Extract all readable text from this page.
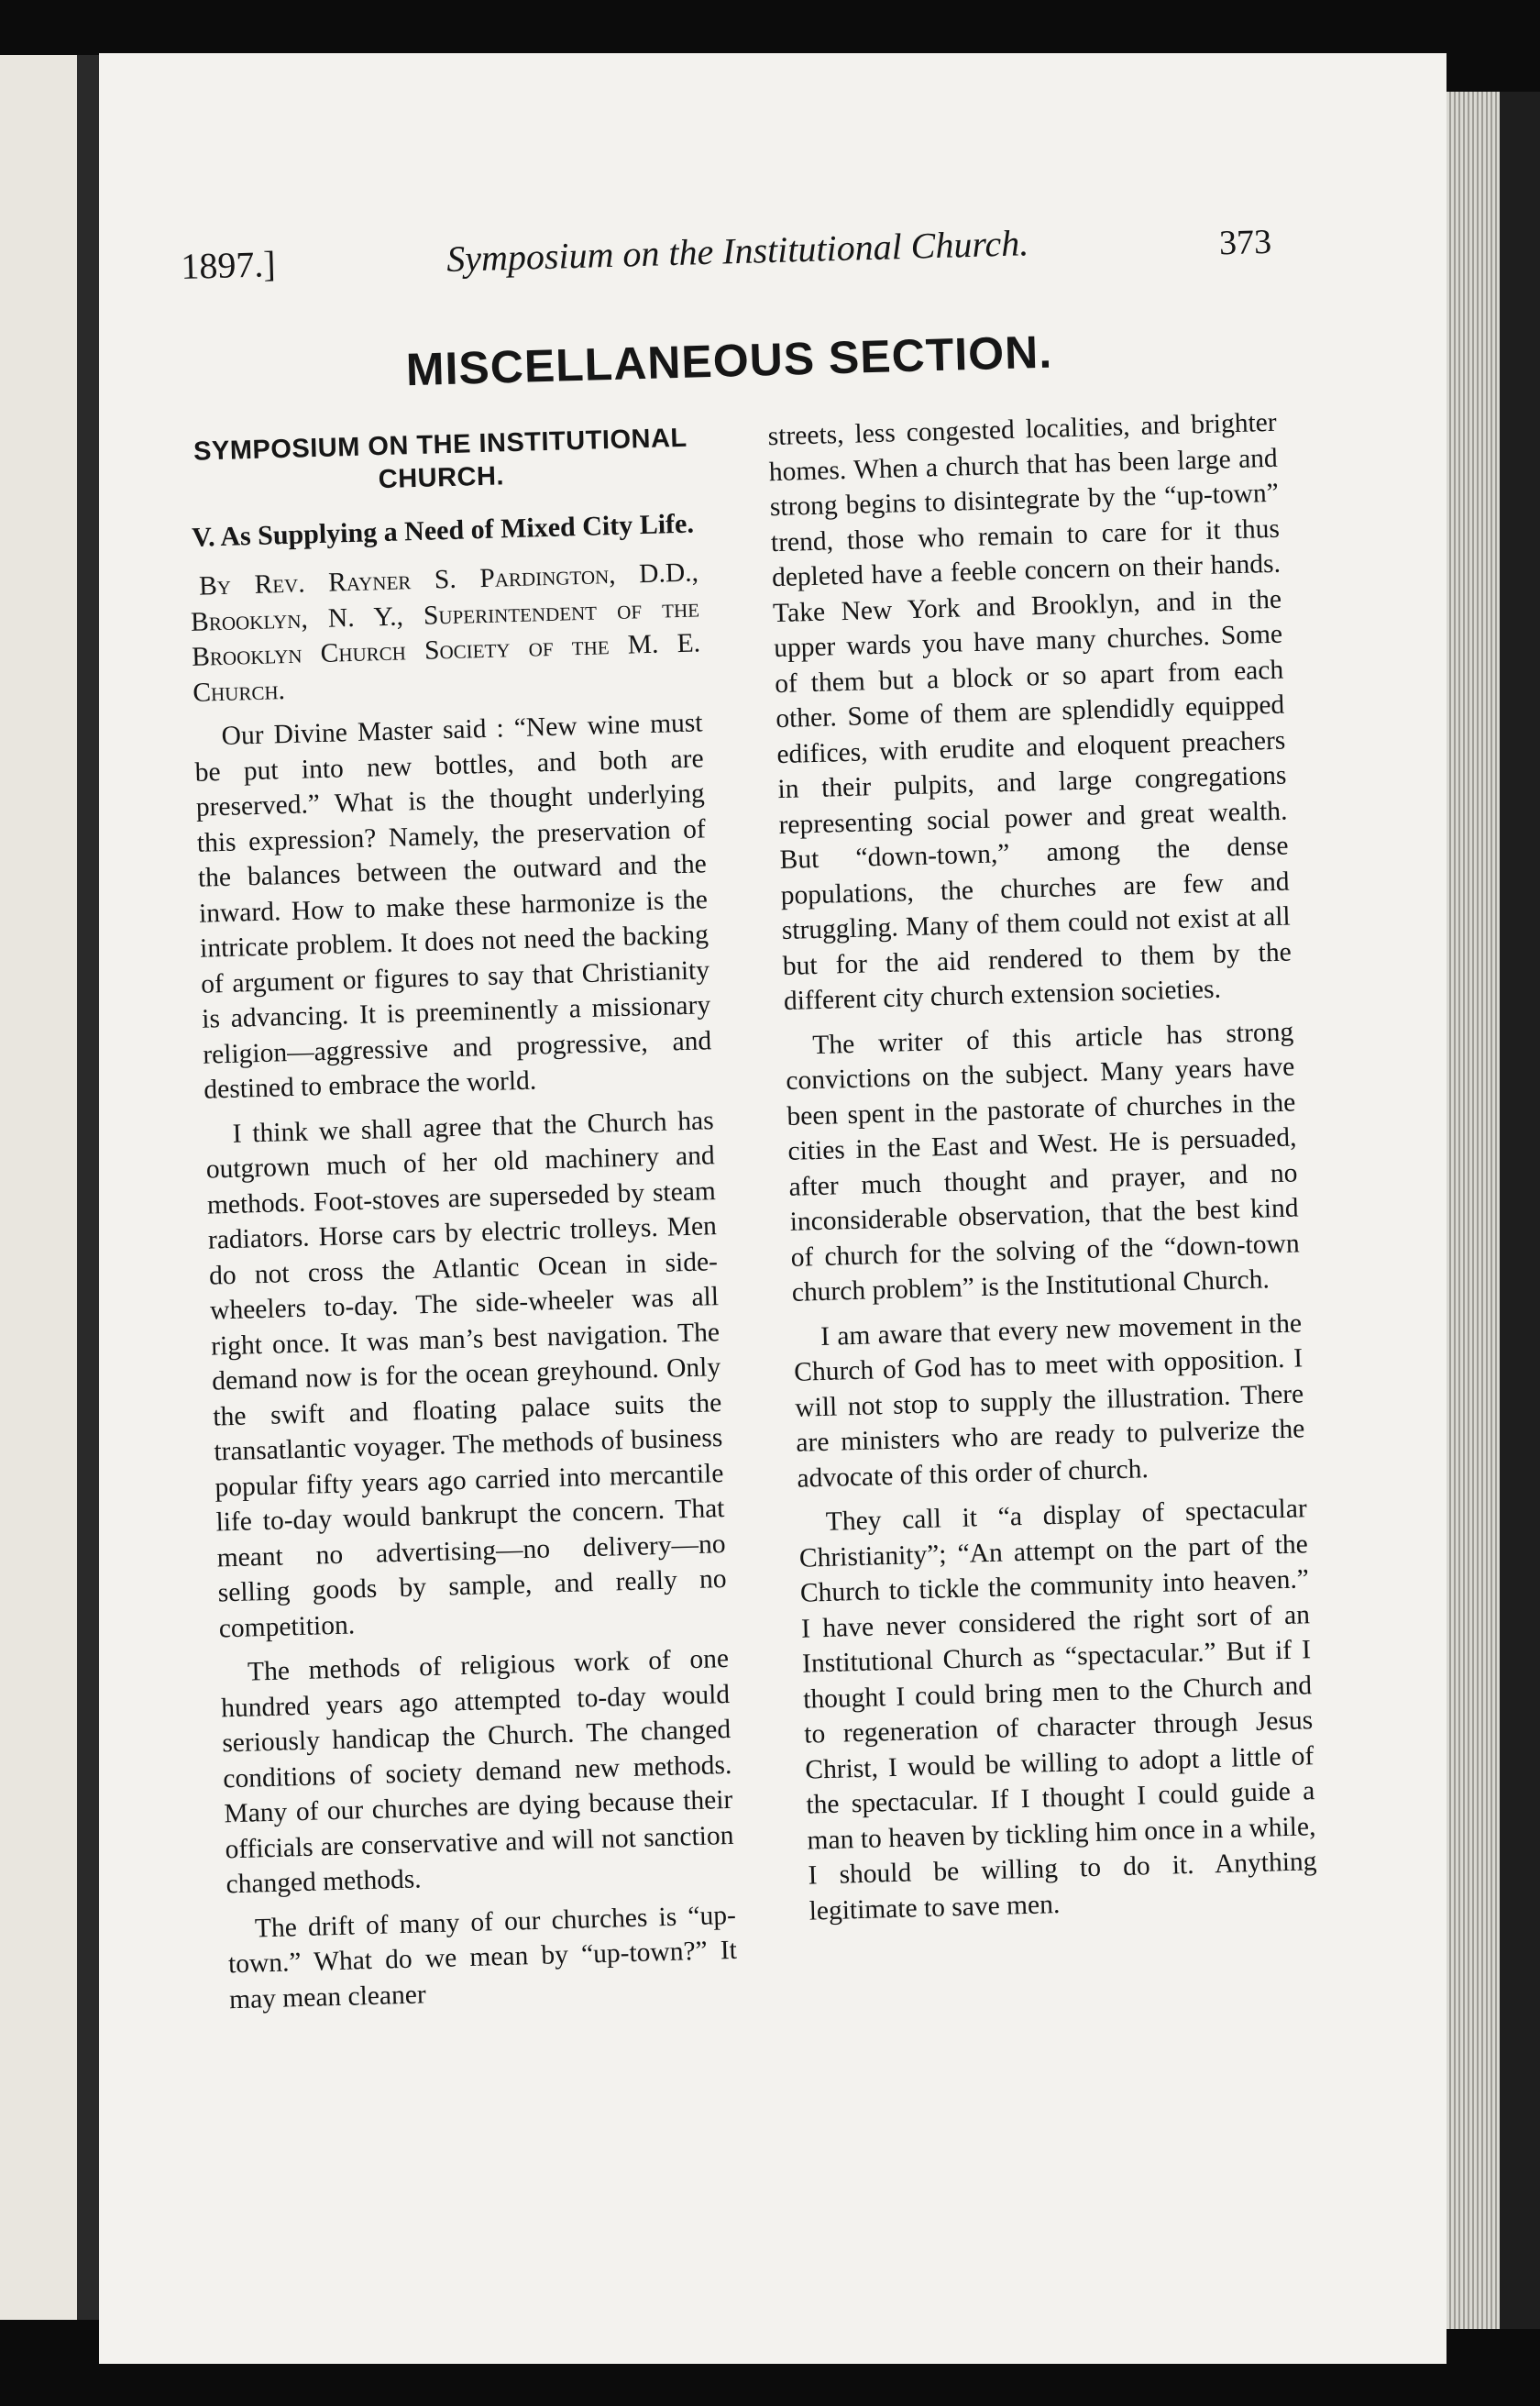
1897.]	Symposium on the Institutional Church.	373
MISCELLANEOUS SECTION.
SYMPOSIUM ON THE INSTITUTIONAL CHURCH.
V. As Supplying a Need of Mixed City Life.

By Rev. Rayner S. Pardington, D.D., Brooklyn, N. Y., Superintendent of the Brooklyn Church Society of the M. E. Church.

Our Divine Master said : “New wine must be put into new bottles, and both are preserved.” What is the thought underlying this expression? Namely, the preservation of the balances between the outward and the inward. How to make these harmonize is the intricate problem. It does not need the backing of argument or figures to say that Christianity is advancing. It is preeminently a missionary religion—aggressive and progressive, and destined to embrace the world.

I think we shall agree that the Church has outgrown much of her old machinery and methods. Foot-stoves are superseded by steam radiators. Horse cars by electric trolleys. Men do not cross the Atlantic Ocean in side-wheelers to-day. The side-wheeler was all right once. It was man’s best navigation. The demand now is for the ocean greyhound. Only the swift and floating palace suits the transatlantic voyager. The methods of business popular fifty years ago carried into mercantile life to-day would bankrupt the concern. That meant no advertising—no delivery—no selling goods by sample, and really no competition.

The methods of religious work of one hundred years ago attempted to-day would seriously handicap the Church. The changed conditions of society demand new methods. Many of our churches are dying because their officials are conservative and will not sanction changed methods.

The drift of many of our churches is “up-town.” What do we mean by “up-town?” It may mean cleaner

streets, less congested localities, and brighter homes. When a church that has been large and strong begins to disintegrate by the “up-town” trend, those who remain to care for it thus depleted have a feeble concern on their hands. Take New York and Brooklyn, and in the upper wards you have many churches. Some of them but a block or so apart from each other. Some of them are splendidly equipped edifices, with erudite and eloquent preachers in their pulpits, and large congregations representing social power and great wealth. But “down-town,” among the dense populations, the churches are few and struggling. Many of them could not exist at all but for the aid rendered to them by the different city church extension societies.

The writer of this article has strong convictions on the subject. Many years have been spent in the pastorate of churches in the cities in the East and West. He is persuaded, after much thought and prayer, and no inconsiderable observation, that the best kind of church for the solving of the “down-town church problem” is the Institutional Church.

I am aware that every new movement in the Church of God has to meet with opposition. I will not stop to supply the illustration. There are ministers who are ready to pulverize the advocate of this order of church.

They call it “a display of spectacular Christianity”; “An attempt on the part of the Church to tickle the community into heaven.” I have never considered the right sort of an Institutional Church as “spectacular.” But if I thought I could bring men to the Church and to regeneration of character through Jesus Christ, I would be willing to adopt a little of the spectacular. If I thought I could guide a man to heaven by tickling him once in a while, I should be willing to do it. Anything legitimate to save men.
